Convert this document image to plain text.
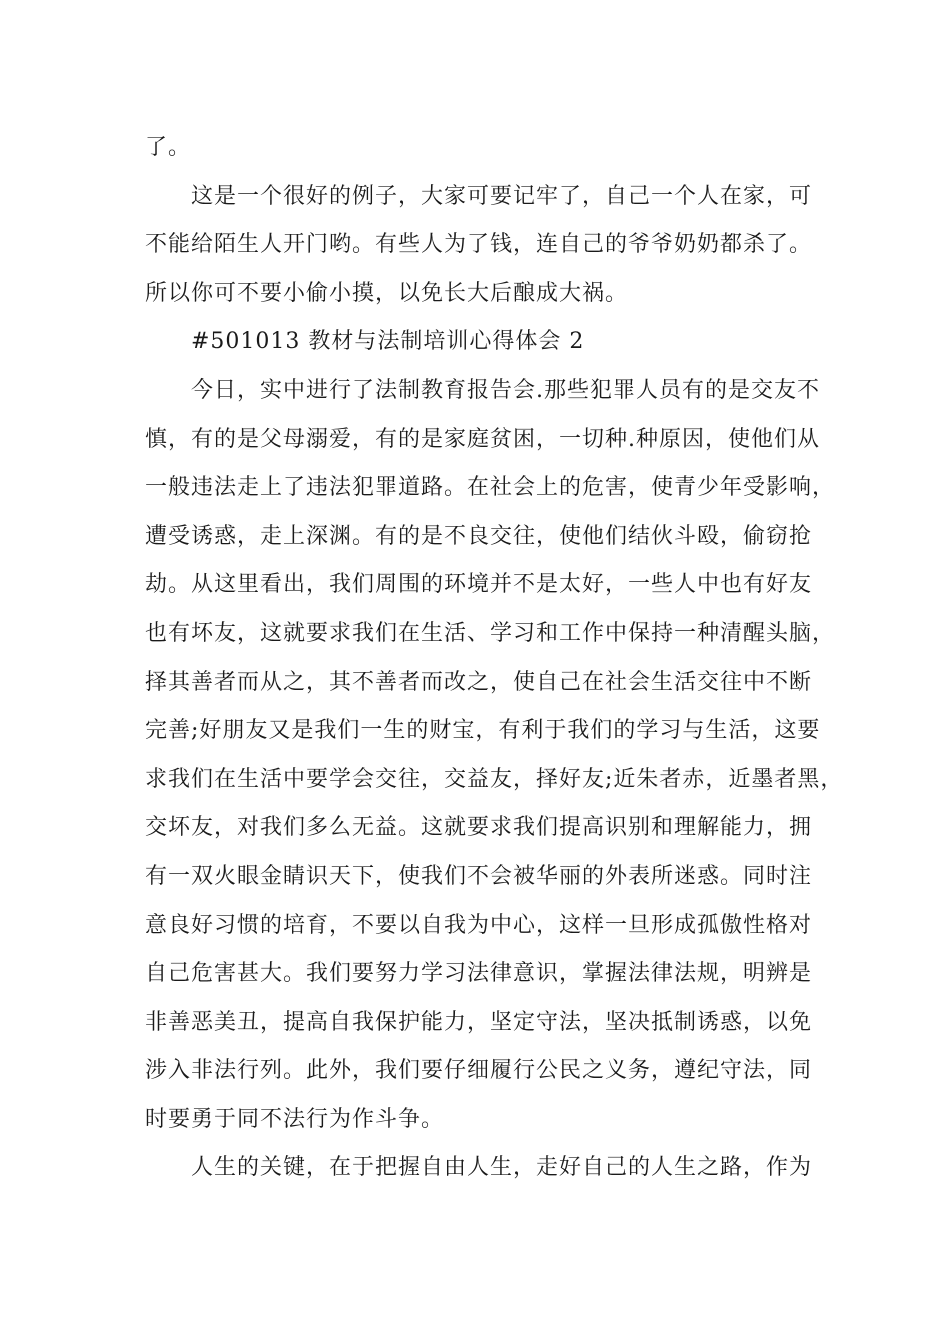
了。

这是一个很好的例子，大家可要记牢了，自己一个人在家，可
不能给陌生人开门哟。有些人为了钱，连自己的爷爷奶奶都杀了。
所以你可不要小偷小摸，以免长大后酿成大祸。

#501013 教材与法制培训心得体会 2

今日，实中进行了法制教育报告会.那些犯罪人员有的是交友不
慎，有的是父母溺爱，有的是家庭贫困，一切种.种原因，使他们从
一般违法走上了违法犯罪道路。在社会上的危害，使青少年受影响，
遭受诱惑，走上深渊。有的是不良交往，使他们结伙斗殴，偷窃抢
劫。从这里看出，我们周围的环境并不是太好，一些人中也有好友
也有坏友，这就要求我们在生活、学习和工作中保持一种清醒头脑，
择其善者而从之，其不善者而改之，使自己在社会生活交往中不断
完善;好朋友又是我们一生的财宝，有利于我们的学习与生活，这要
求我们在生活中要学会交往，交益友，择好友;近朱者赤，近墨者黑，
交坏友，对我们多么无益。这就要求我们提高识别和理解能力，拥
有一双火眼金睛识天下，使我们不会被华丽的外表所迷惑。同时注
意良好习惯的培育，不要以自我为中心，这样一旦形成孤傲性格对
自己危害甚大。我们要努力学习法律意识，掌握法律法规，明辨是
非善恶美丑，提高自我保护能力，坚定守法，坚决抵制诱惑，以免
涉入非法行列。此外，我们要仔细履行公民之义务，遵纪守法，同
时要勇于同不法行为作斗争。

人生的关键，在于把握自由人生，走好自己的人生之路，作为
